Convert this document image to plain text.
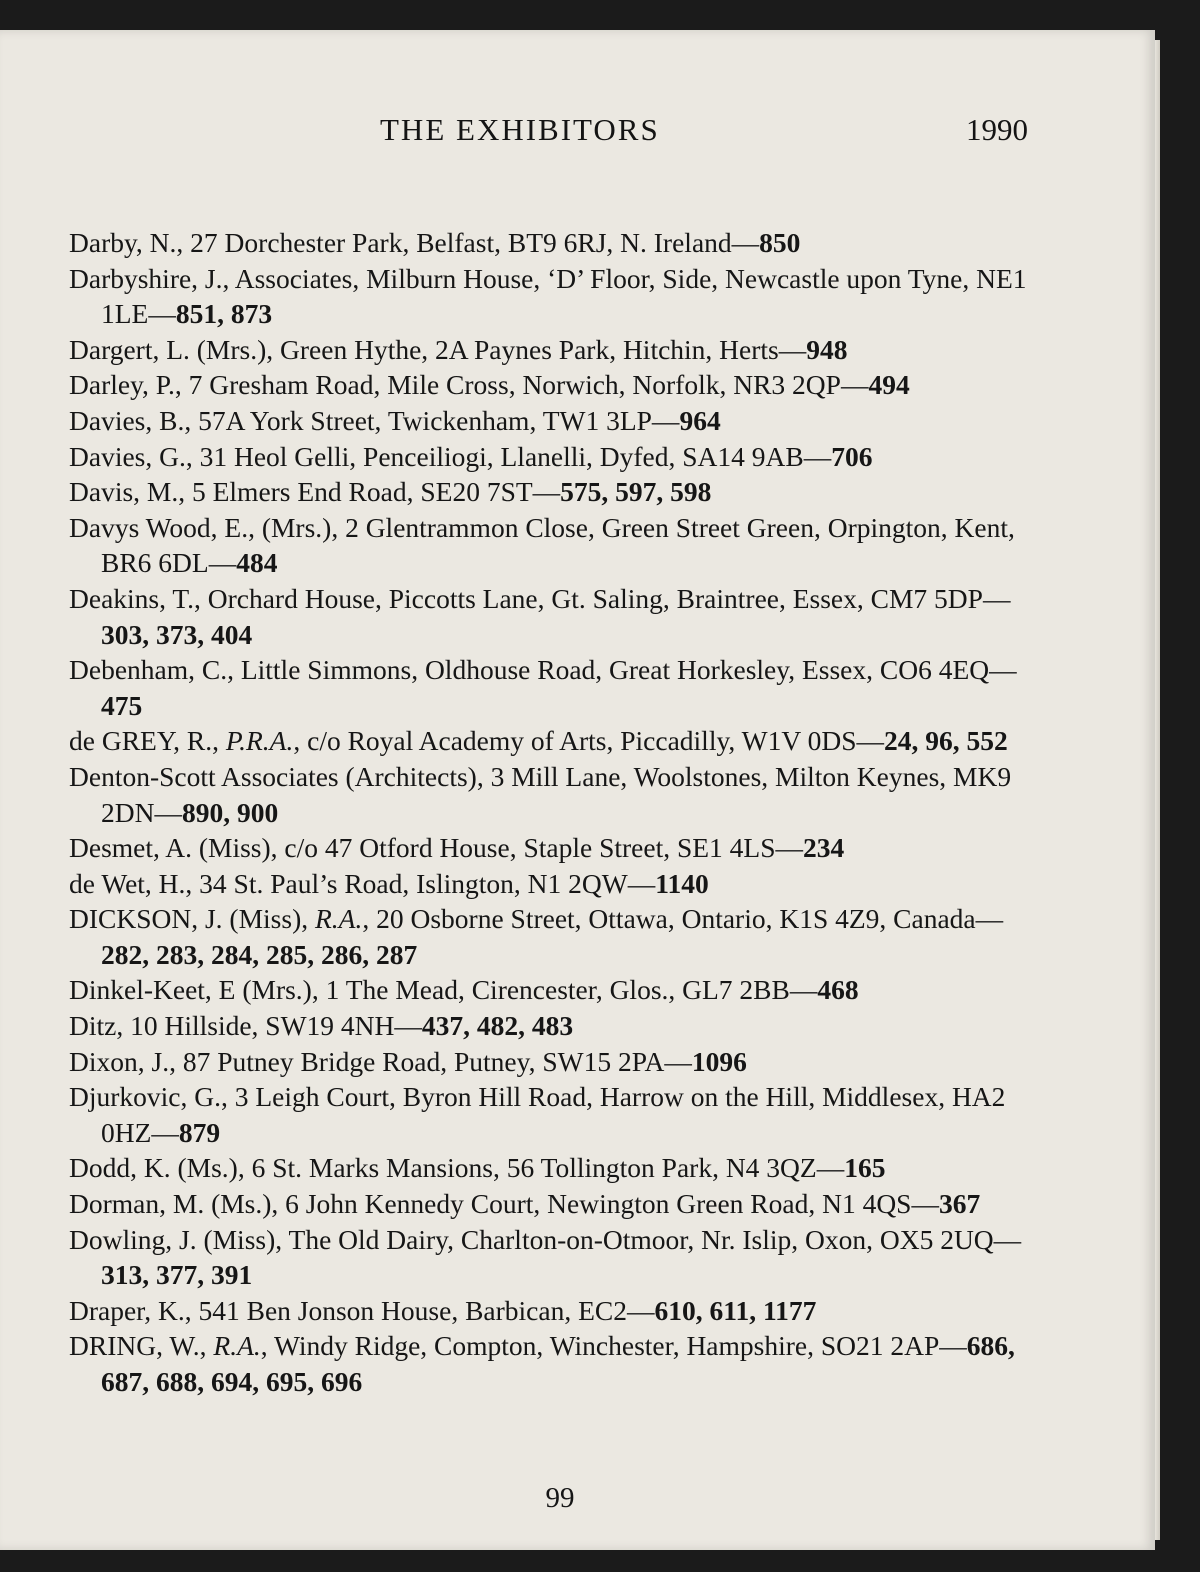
THE EXHIBITORS	1990

Darby, N., 27 Dorchester Park, Belfast, BT9 6RJ, N. Ireland—850

Darbyshire, J., Associates, Milburn House, ‘D’ Floor, Side, Newcastle upon Tyne, NE1 1LE—851, 873

Dargert, L. (Mrs.), Green Hythe, 2A Paynes Park, Hitchin, Herts—948

Darley, P., 7 Gresham Road, Mile Cross, Norwich, Norfolk, NR3 2QP—494

Davies, B., 57A York Street, Twickenham, TW1 3LP—964

Davies, G., 31 Heol Gelli, Penceiliogi, Llanelli, Dyfed, SA14 9AB—706

Davis, M., 5 Elmers End Road, SE20 7ST—575, 597, 598

Davys Wood, E., (Mrs.), 2 Glentrammon Close, Green Street Green, Orpington, Kent, BR6 6DL—484

Deakins, T., Orchard House, Piccotts Lane, Gt. Saling, Braintree, Essex, CM7 5DP—303, 373, 404

Debenham, C., Little Simmons, Oldhouse Road, Great Horkesley, Essex, CO6 4EQ—475

de GREY, R., P.R.A., c/o Royal Academy of Arts, Piccadilly, W1V 0DS—24, 96, 552

Denton-Scott Associates (Architects), 3 Mill Lane, Woolstones, Milton Keynes, MK9 2DN—890, 900

Desmet, A. (Miss), c/o 47 Otford House, Staple Street, SE1 4LS—234

de Wet, H., 34 St. Paul’s Road, Islington, N1 2QW—1140

DICKSON, J. (Miss), R.A., 20 Osborne Street, Ottawa, Ontario, K1S 4Z9, Canada—282, 283, 284, 285, 286, 287

Dinkel-Keet, E (Mrs.), 1 The Mead, Cirencester, Glos., GL7 2BB—468

Ditz, 10 Hillside, SW19 4NH—437, 482, 483

Dixon, J., 87 Putney Bridge Road, Putney, SW15 2PA—1096

Djurkovic, G., 3 Leigh Court, Byron Hill Road, Harrow on the Hill, Middlesex, HA2 0HZ—879

Dodd, K. (Ms.), 6 St. Marks Mansions, 56 Tollington Park, N4 3QZ—165

Dorman, M. (Ms.), 6 John Kennedy Court, Newington Green Road, N1 4QS—367

Dowling, J. (Miss), The Old Dairy, Charlton-on-Otmoor, Nr. Islip, Oxon, OX5 2UQ—313, 377, 391

Draper, K., 541 Ben Jonson House, Barbican, EC2—610, 611, 1177

DRING, W., R.A., Windy Ridge, Compton, Winchester, Hampshire, SO21 2AP—686, 687, 688, 694, 695, 696

99
